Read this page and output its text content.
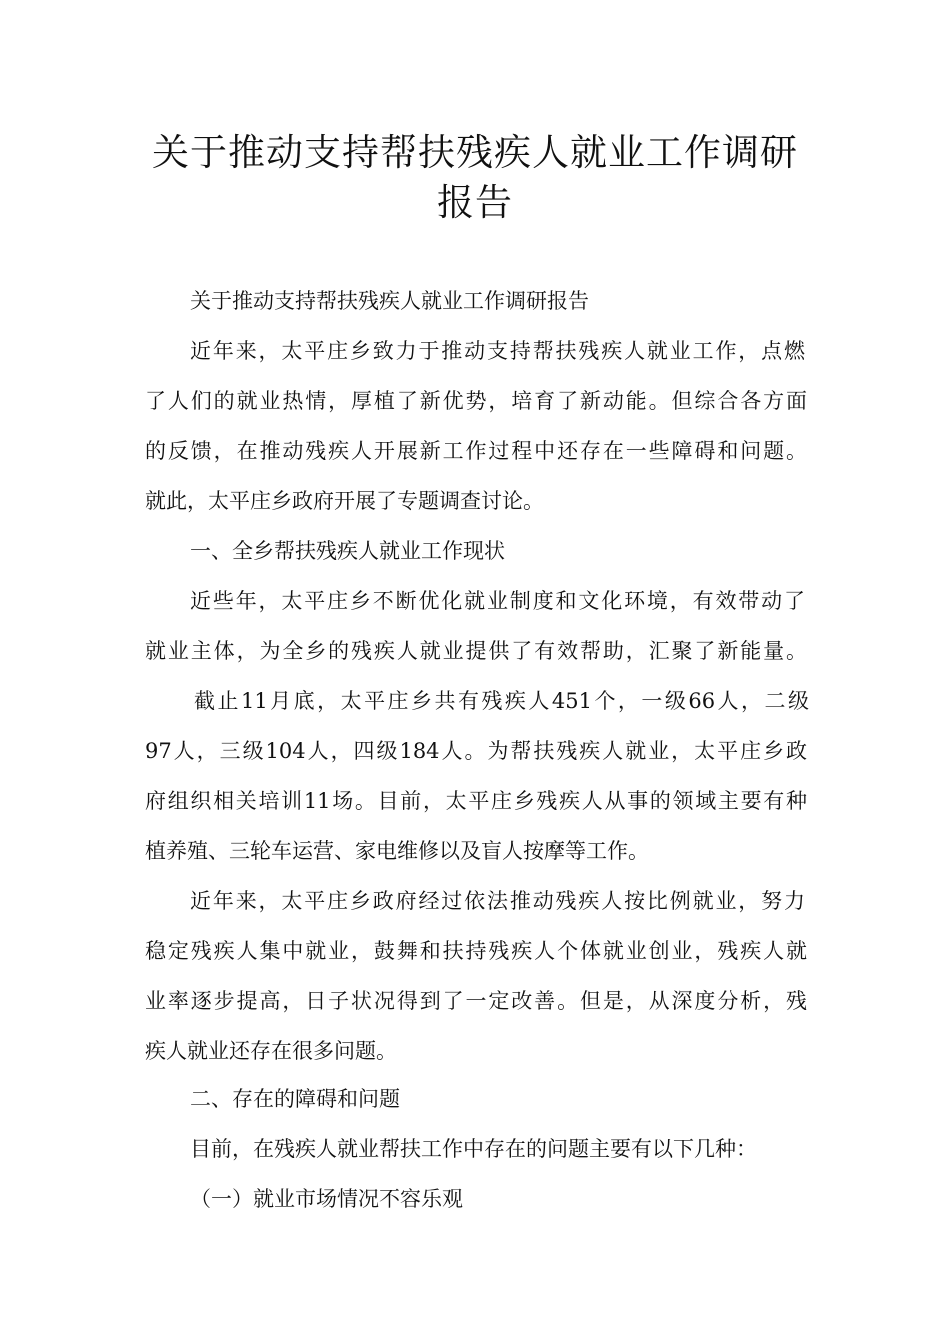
关于推动支持帮扶残疾人就业工作调研
报告

关于推动支持帮扶残疾人就业工作调研报告

近年来，太平庄乡致力于推动支持帮扶残疾人就业工作，点燃

了人们的就业热情，厚植了新优势，培育了新动能。但综合各方面

的反馈，在推动残疾人开展新工作过程中还存在一些障碍和问题。

就此，太平庄乡政府开展了专题调查讨论。

一、全乡帮扶残疾人就业工作现状

近些年，太平庄乡不断优化就业制度和文化环境，有效带动了

就业主体，为全乡的残疾人就业提供了有效帮助，汇聚了新能量。

截止11月底，太平庄乡共有残疾人451个，一级66人，二级

97人，三级104人，四级184人。为帮扶残疾人就业，太平庄乡政

府组织相关培训11场。目前，太平庄乡残疾人从事的领域主要有种

植养殖、三轮车运营、家电维修以及盲人按摩等工作。

近年来，太平庄乡政府经过依法推动残疾人按比例就业，努力

稳定残疾人集中就业，鼓舞和扶持残疾人个体就业创业，残疾人就

业率逐步提高，日子状况得到了一定改善。但是，从深度分析，残

疾人就业还存在很多问题。

二、存在的障碍和问题

目前，在残疾人就业帮扶工作中存在的问题主要有以下几种：

（一）就业市场情况不容乐观
